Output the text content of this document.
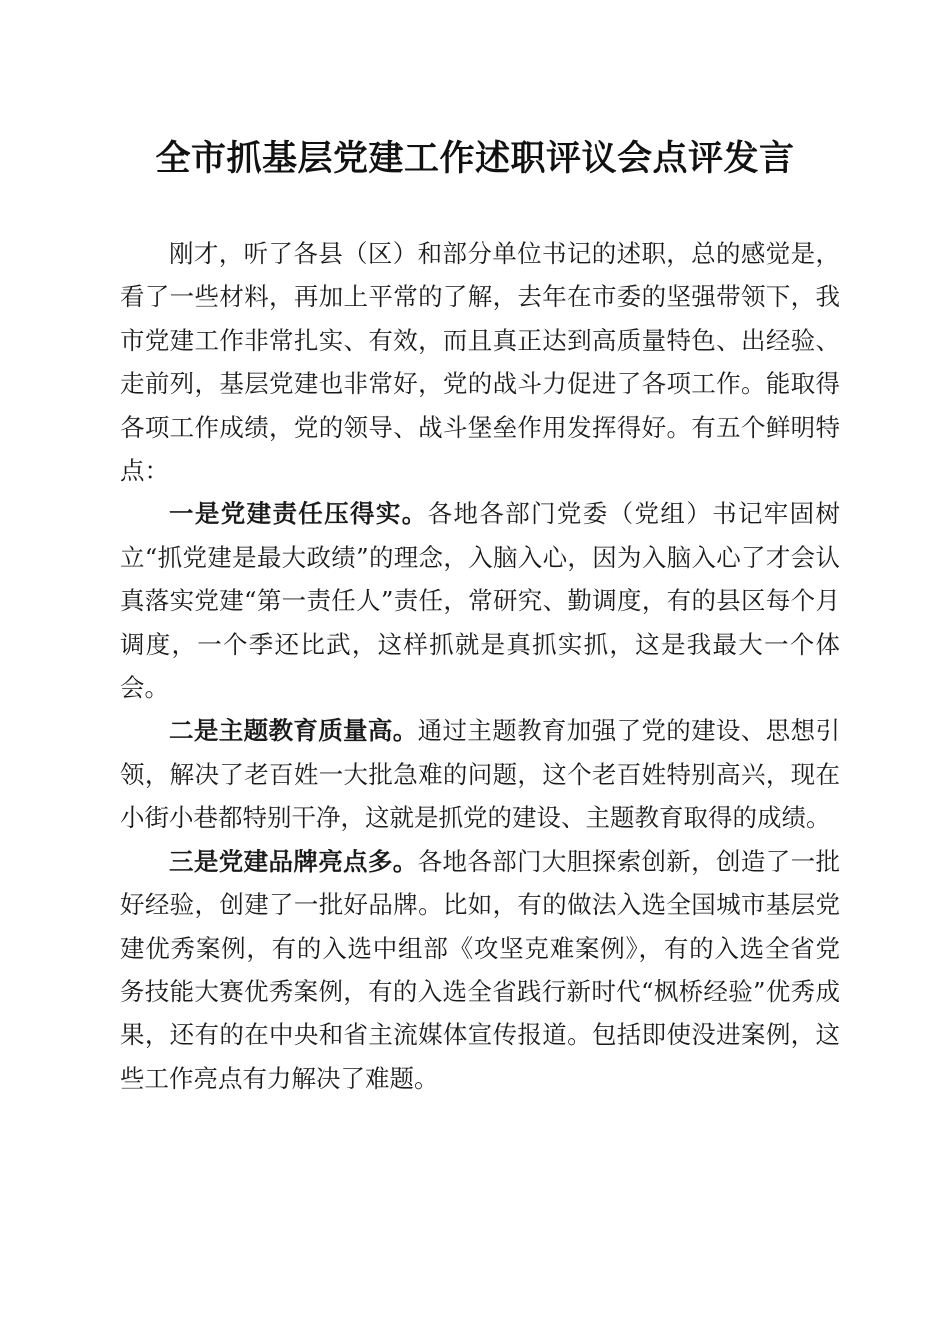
全市抓基层党建工作述职评议会点评发言

刚才，听了各县（区）和部分单位书记的述职，总的感觉是，看了一些材料，再加上平常的了解，去年在市委的坚强带领下，我市党建工作非常扎实、有效，而且真正达到高质量特色、出经验、走前列，基层党建也非常好，党的战斗力促进了各项工作。能取得各项工作成绩，党的领导、战斗堡垒作用发挥得好。有五个鲜明特点：

一是党建责任压得实。各地各部门党委（党组）书记牢固树立“抓党建是最大政绩”的理念，入脑入心，因为入脑入心了才会认真落实党建“第一责任人”责任，常研究、勤调度，有的县区每个月调度，一个季还比武，这样抓就是真抓实抓，这是我最大一个体会。

二是主题教育质量高。通过主题教育加强了党的建设、思想引领，解决了老百姓一大批急难的问题，这个老百姓特别高兴，现在小街小巷都特别干净，这就是抓党的建设、主题教育取得的成绩。

三是党建品牌亮点多。各地各部门大胆探索创新，创造了一批好经验，创建了一批好品牌。比如，有的做法入选全国城市基层党建优秀案例，有的入选中组部《攻坚克难案例》，有的入选全省党务技能大赛优秀案例，有的入选全省践行新时代“枫桥经验”优秀成果，还有的在中央和省主流媒体宣传报道。包括即使没进案例，这些工作亮点有力解决了难题。
